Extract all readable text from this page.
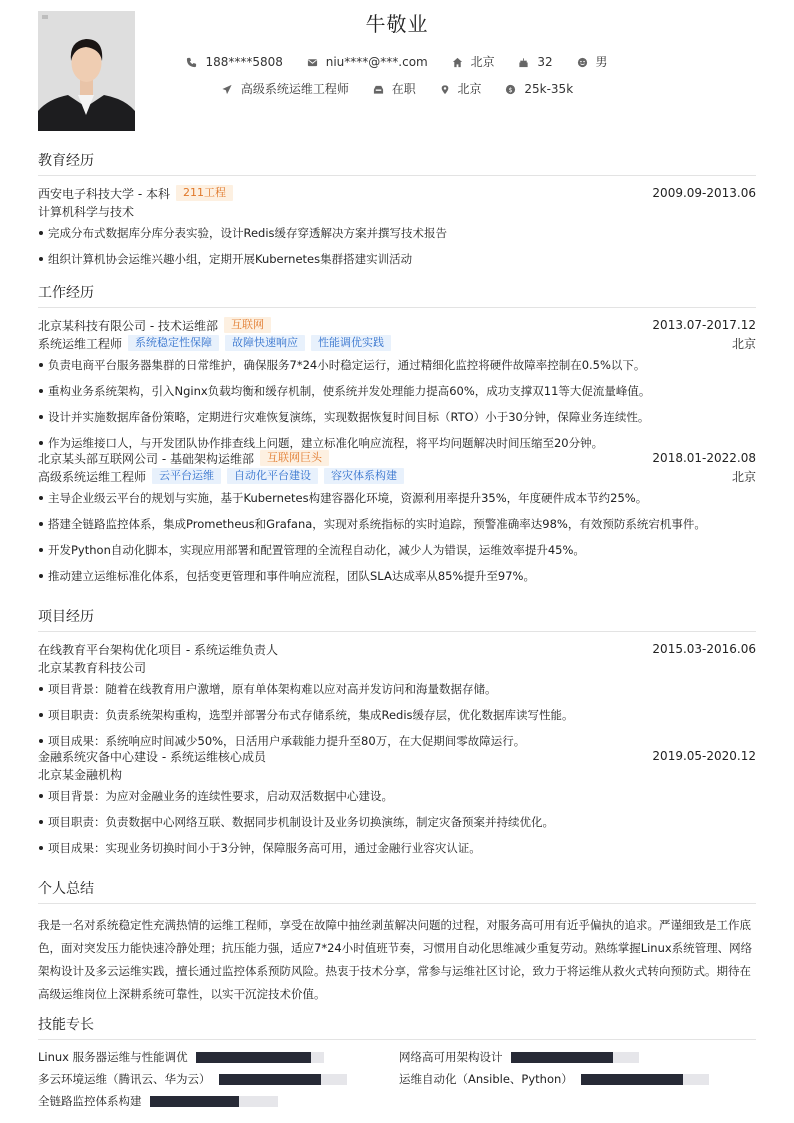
牛敬业
188****5808	niu****@***.com	北京	32	男
高级系统运维工程师	在职	北京	$ 25k-35k
教育经历
西安电子科技大学 - 本科	211工程	2009.09-2013.06
计算机科学与技术
完成分布式数据库分库分表实验，设计Redis缓存穿透解决方案并撰写技术报告
组织计算机协会运维兴趣小组，定期开展Kubernetes集群搭建实训活动
工作经历
北京某科技有限公司 - 技术运维部	互联网	2013.07-2017.12
系统运维工程师	系统稳定性保障	故障快速响应	性能调优实践	北京
负责电商平台服务器集群的日常维护，确保服务7*24小时稳定运行，通过精细化监控将硬件故障率控制在0.5%以下。
重构业务系统架构，引入Nginx负载均衡和缓存机制，使系统并发处理能力提高60%，成功支撑双11等大促流量峰值。
设计并实施数据库备份策略，定期进行灾难恢复演练，实现数据恢复时间目标（RTO）小于30分钟，保障业务连续性。
作为运维接口人，与开发团队协作排查线上问题，建立标准化响应流程，将平均问题解决时间压缩至20分钟。
北京某头部互联网公司 - 基础架构运维部	互联网巨头	2018.01-2022.08
高级系统运维工程师	云平台运维	自动化平台建设	容灾体系构建	北京
主导企业级云平台的规划与实施，基于Kubernetes构建容器化环境，资源利用率提升35%，年度硬件成本节约25%。
搭建全链路监控体系，集成Prometheus和Grafana，实现对系统指标的实时追踪，预警准确率达98%，有效预防系统宕机事件。
开发Python自动化脚本，实现应用部署和配置管理的全流程自动化，减少人为错误，运维效率提升45%。
推动建立运维标准化体系，包括变更管理和事件响应流程，团队SLA达成率从85%提升至97%。
项目经历
在线教育平台架构优化项目 - 系统运维负责人	2015.03-2016.06
北京某教育科技公司
项目背景：随着在线教育用户激增，原有单体架构难以应对高并发访问和海量数据存储。
项目职责：负责系统架构重构，选型并部署分布式存储系统，集成Redis缓存层，优化数据库读写性能。
项目成果：系统响应时间减少50%，日活用户承载能力提升至80万，在大促期间零故障运行。
金融系统灾备中心建设 - 系统运维核心成员	2019.05-2020.12
北京某金融机构
项目背景：为应对金融业务的连续性要求，启动双活数据中心建设。
项目职责：负责数据中心网络互联、数据同步机制设计及业务切换演练，制定灾备预案并持续优化。
项目成果：实现业务切换时间小于3分钟，保障服务高可用，通过金融行业容灾认证。
个人总结

我是一名对系统稳定性充满热情的运维工程师，享受在故障中抽丝剥茧解决问题的过程，对服务高可用有近乎偏执的追求。严谨细致是工作底色，面对突发压力能快速冷静处理；抗压能力强，适应7*24小时值班节奏，习惯用自动化思维减少重复劳动。熟练掌握Linux系统管理、网络架构设计及多云运维实践，擅长通过监控体系预防风险。热衷于技术分享，常参与运维社区讨论，致力于将运维从救火式转向预防式。期待在高级运维岗位上深耕系统可靠性，以实干沉淀技术价值。

技能专长
Linux 服务器运维与性能调优	网络高可用架构设计
多云环境运维（腾讯云、华为云）	运维自动化（Ansible、Python）
全链路监控体系构建
